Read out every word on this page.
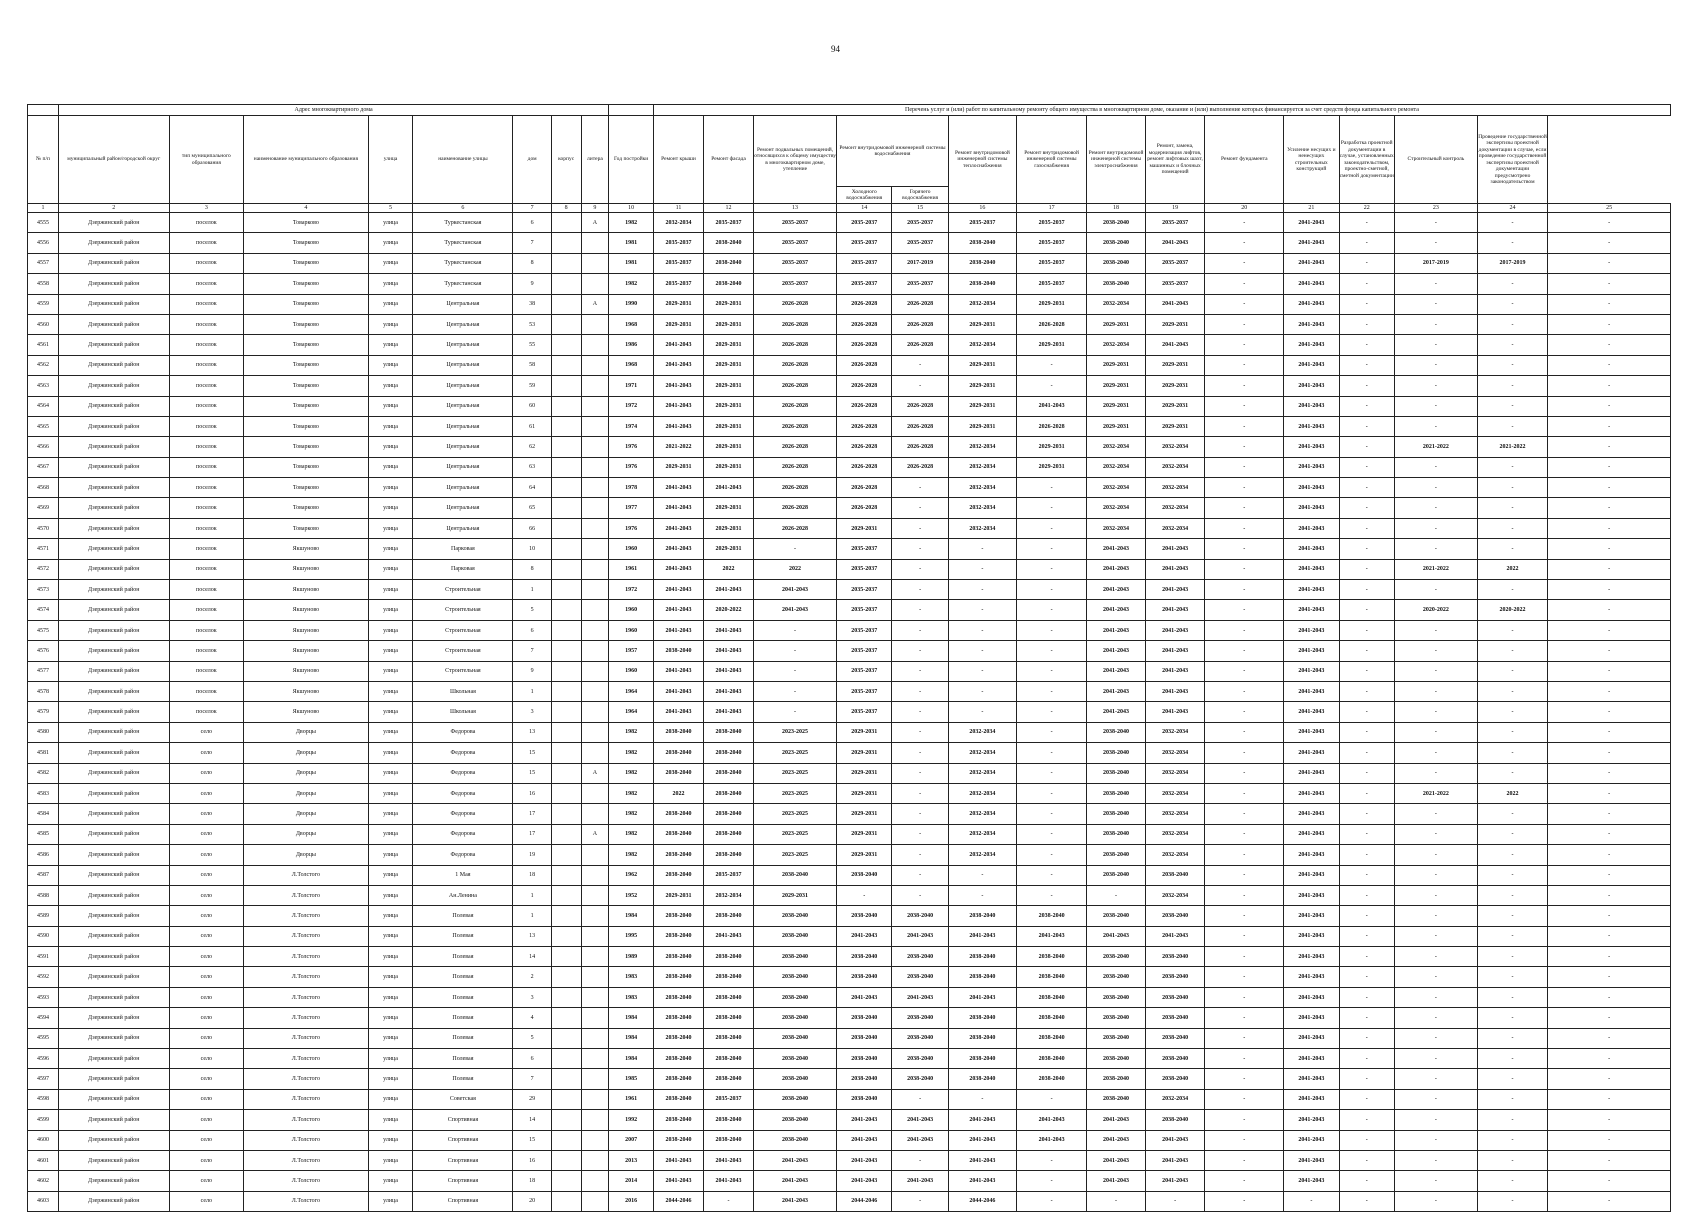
94
	Адрес многоквартирного дома									Перечень услуг и (или) работ по капитальному ремонту общего имущества в многоквартирном доме, оказание и (или) выполнение которых финансируется за счет средств фонда капитального ремонта														
№ п/п	муниципальный район/городской округ	тип муниципального образования	наименование муниципального образования	улица	наименование улицы	дом	корпус	литера	Год постройки	Ремонт крыши	Ремонт фасада	Ремонт подвальных помещений, относящихся к общему имуществу в многоквартирном доме, утепление	Ремонт внутридомовой инженерной системы водоснабжения		Ремонт внутридомовой инженерной системы теплоснабжения	Ремонт внутридомовой инженерной системы газоснабжения	Ремонт внутридомовой инженерной системы электроснабжения	Ремонт, замена, модернизация лифтов, ремонт лифтовых шахт, машинных и блочных помещений	Ремонт фундамента	Усиление несущих и ненесущих строительных конструкций	Разработка проектной документации в случае, установленных законодательством, проектно-сметной, сметной документации	Строительный контроль	Проведение государственной экспертизы проектной документации в случае, если проведение государственной экспертизы проектной документации предусмотрено законодательством	
													Холодного водоснабжения	Горячего водоснабжения										
1	2	3	4	5	6	7	8	9	10	11	12	13	14	15	16	17	18	19	20	21	22	23	24	25
4555	Дзержинский район	поселок	Товарково	улица	Туркестанская	6		А	1982	2032-2034	2035-2037	2035-2037	2035-2037	2035-2037	2035-2037	2035-2037	2038-2040	2035-2037	-	2041-2043	-	-	-	-
4556	Дзержинский район	поселок	Товарково	улица	Туркестанская	7			1981	2035-2037	2038-2040	2035-2037	2035-2037	2035-2037	2038-2040	2035-2037	2038-2040	2041-2043	-	2041-2043	-	-	-	-
4557	Дзержинский район	поселок	Товарково	улица	Туркестанская	8			1981	2035-2037	2038-2040	2035-2037	2035-2037	2017-2019	2038-2040	2035-2037	2038-2040	2035-2037	-	2041-2043	-	2017-2019	2017-2019	-
4558	Дзержинский район	поселок	Товарково	улица	Туркестанская	9			1982	2035-2037	2038-2040	2035-2037	2035-2037	2035-2037	2038-2040	2035-2037	2038-2040	2035-2037	-	2041-2043	-	-	-	-
4559	Дзержинский район	поселок	Товарково	улица	Центральная	38		А	1990	2029-2031	2029-2031	2026-2028	2026-2028	2026-2028	2032-2034	2029-2031	2032-2034	2041-2043	-	2041-2043	-	-	-	-
4560	Дзержинский район	поселок	Товарково	улица	Центральная	53			1968	2029-2031	2029-2031	2026-2028	2026-2028	2026-2028	2029-2031	2026-2028	2029-2031	2029-2031	-	2041-2043	-	-	-	-
4561	Дзержинский район	поселок	Товарково	улица	Центральная	55			1986	2041-2043	2029-2031	2026-2028	2026-2028	2026-2028	2032-2034	2029-2031	2032-2034	2041-2043	-	2041-2043	-	-	-	-
4562	Дзержинский район	поселок	Товарково	улица	Центральная	58			1968	2041-2043	2029-2031	2026-2028	2026-2028	-	2029-2031	-	2029-2031	2029-2031	-	2041-2043	-	-	-	-
4563	Дзержинский район	поселок	Товарково	улица	Центральная	59			1971	2041-2043	2029-2031	2026-2028	2026-2028	-	2029-2031	-	2029-2031	2029-2031	-	2041-2043	-	-	-	-
4564	Дзержинский район	поселок	Товарково	улица	Центральная	60			1972	2041-2043	2029-2031	2026-2028	2026-2028	2026-2028	2029-2031	2041-2043	2029-2031	2029-2031	-	2041-2043	-	-	-	-
4565	Дзержинский район	поселок	Товарково	улица	Центральная	61			1974	2041-2043	2029-2031	2026-2028	2026-2028	2026-2028	2029-2031	2026-2028	2029-2031	2029-2031	-	2041-2043	-	-	-	-
4566	Дзержинский район	поселок	Товарково	улица	Центральная	62			1976	2021-2022	2029-2031	2026-2028	2026-2028	2026-2028	2032-2034	2029-2031	2032-2034	2032-2034	-	2041-2043	-	2021-2022	2021-2022	-
4567	Дзержинский район	поселок	Товарково	улица	Центральная	63			1976	2029-2031	2029-2031	2026-2028	2026-2028	2026-2028	2032-2034	2029-2031	2032-2034	2032-2034	-	2041-2043	-	-	-	-
4568	Дзержинский район	поселок	Товарково	улица	Центральная	64			1978	2041-2043	2041-2043	2026-2028	2026-2028	-	2032-2034	-	2032-2034	2032-2034	-	2041-2043	-	-	-	-
4569	Дзержинский район	поселок	Товарково	улица	Центральная	65			1977	2041-2043	2029-2031	2026-2028	2026-2028	-	2032-2034	-	2032-2034	2032-2034	-	2041-2043	-	-	-	-
4570	Дзержинский район	поселок	Товарково	улица	Центральная	66			1976	2041-2043	2029-2031	2026-2028	2029-2031	-	2032-2034	-	2032-2034	2032-2034	-	2041-2043	-	-	-	-
4571	Дзержинский район	поселок	Якшуново	улица	Парковая	10			1960	2041-2043	2029-2031	-	2035-2037	-	-	-	2041-2043	2041-2043	-	2041-2043	-	-	-	-
4572	Дзержинский район	поселок	Якшуново	улица	Парковая	8			1961	2041-2043	2022	2022	2035-2037	-	-	-	2041-2043	2041-2043	-	2041-2043	-	2021-2022	2022	-
4573	Дзержинский район	поселок	Якшуново	улица	Строительная	1			1972	2041-2043	2041-2043	2041-2043	2035-2037	-	-	-	2041-2043	2041-2043	-	2041-2043	-	-	-	-
4574	Дзержинский район	поселок	Якшуново	улица	Строительная	5			1960	2041-2043	2020-2022	2041-2043	2035-2037	-	-	-	2041-2043	2041-2043	-	2041-2043	-	2020-2022	2020-2022	-
4575	Дзержинский район	поселок	Якшуново	улица	Строительная	6			1960	2041-2043	2041-2043	-	2035-2037	-	-	-	2041-2043	2041-2043	-	2041-2043	-	-	-	-
4576	Дзержинский район	поселок	Якшуново	улица	Строительная	7			1957	2038-2040	2041-2043	-	2035-2037	-	-	-	2041-2043	2041-2043	-	2041-2043	-	-	-	-
4577	Дзержинский район	поселок	Якшуново	улица	Строительная	9			1960	2041-2043	2041-2043	-	2035-2037	-	-	-	2041-2043	2041-2043	-	2041-2043	-	-	-	-
4578	Дзержинский район	поселок	Якшуново	улица	Школьная	1			1964	2041-2043	2041-2043	-	2035-2037	-	-	-	2041-2043	2041-2043	-	2041-2043	-	-	-	-
4579	Дзержинский район	поселок	Якшуново	улица	Школьная	3			1964	2041-2043	2041-2043	-	2035-2037	-	-	-	2041-2043	2041-2043	-	2041-2043	-	-	-	-
4580	Дзержинский район	село	Дворцы	улица	Федорова	13			1982	2038-2040	2038-2040	2023-2025	2029-2031	-	2032-2034	-	2038-2040	2032-2034	-	2041-2043	-	-	-	-
4581	Дзержинский район	село	Дворцы	улица	Федорова	15			1982	2038-2040	2038-2040	2023-2025	2029-2031	-	2032-2034	-	2038-2040	2032-2034	-	2041-2043	-	-	-	-
4582	Дзержинский район	село	Дворцы	улица	Федорова	15		А	1982	2038-2040	2038-2040	2023-2025	2029-2031	-	2032-2034	-	2038-2040	2032-2034	-	2041-2043	-	-	-	-
4583	Дзержинский район	село	Дворцы	улица	Федорова	16			1982	2022	2038-2040	2023-2025	2029-2031	-	2032-2034	-	2038-2040	2032-2034	-	2041-2043	-	2021-2022	2022	-
4584	Дзержинский район	село	Дворцы	улица	Федорова	17			1982	2038-2040	2038-2040	2023-2025	2029-2031	-	2032-2034	-	2038-2040	2032-2034	-	2041-2043	-	-	-	-
4585	Дзержинский район	село	Дворцы	улица	Федорова	17		А	1982	2038-2040	2038-2040	2023-2025	2029-2031	-	2032-2034	-	2038-2040	2032-2034	-	2041-2043	-	-	-	-
4586	Дзержинский район	село	Дворцы	улица	Федорова	19			1982	2038-2040	2038-2040	2023-2025	2029-2031	-	2032-2034	-	2038-2040	2032-2034	-	2041-2043	-	-	-	-
4587	Дзержинский район	село	Л.Толстого	улица	1 Мая	18			1962	2038-2040	2035-2037	2038-2040	2038-2040	-	-	-	2038-2040	2038-2040	-	2041-2043	-	-	-	-
4588	Дзержинский район	село	Л.Толстого	улица	Ан.Ленина	1			1952	2029-2031	2032-2034	2029-2031	-	-	-	-	-	2032-2034	-	2041-2043	-	-	-	-
4589	Дзержинский район	село	Л.Толстого	улица	Полевая	1			1984	2038-2040	2038-2040	2038-2040	2038-2040	2038-2040	2038-2040	2038-2040	2038-2040	2038-2040	-	2041-2043	-	-	-	-
4590	Дзержинский район	село	Л.Толстого	улица	Полевая	13			1995	2038-2040	2041-2043	2038-2040	2041-2043	2041-2043	2041-2043	2041-2043	2041-2043	2041-2043	-	2041-2043	-	-	-	-
4591	Дзержинский район	село	Л.Толстого	улица	Полевая	14			1989	2038-2040	2038-2040	2038-2040	2038-2040	2038-2040	2038-2040	2038-2040	2038-2040	2038-2040	-	2041-2043	-	-	-	-
4592	Дзержинский район	село	Л.Толстого	улица	Полевая	2			1983	2038-2040	2038-2040	2038-2040	2038-2040	2038-2040	2038-2040	2038-2040	2038-2040	2038-2040	-	2041-2043	-	-	-	-
4593	Дзержинский район	село	Л.Толстого	улица	Полевая	3			1983	2038-2040	2038-2040	2038-2040	2041-2043	2041-2043	2041-2043	2038-2040	2038-2040	2038-2040	-	2041-2043	-	-	-	-
4594	Дзержинский район	село	Л.Толстого	улица	Полевая	4			1984	2038-2040	2038-2040	2038-2040	2038-2040	2038-2040	2038-2040	2038-2040	2038-2040	2038-2040	-	2041-2043	-	-	-	-
4595	Дзержинский район	село	Л.Толстого	улица	Полевая	5			1984	2038-2040	2038-2040	2038-2040	2038-2040	2038-2040	2038-2040	2038-2040	2038-2040	2038-2040	-	2041-2043	-	-	-	-
4596	Дзержинский район	село	Л.Толстого	улица	Полевая	6			1984	2038-2040	2038-2040	2038-2040	2038-2040	2038-2040	2038-2040	2038-2040	2038-2040	2038-2040	-	2041-2043	-	-	-	-
4597	Дзержинский район	село	Л.Толстого	улица	Полевая	7			1985	2038-2040	2038-2040	2038-2040	2038-2040	2038-2040	2038-2040	2038-2040	2038-2040	2038-2040	-	2041-2043	-	-	-	-
4598	Дзержинский район	село	Л.Толстого	улица	Советская	29			1961	2038-2040	2035-2037	2038-2040	2038-2040	-	-	-	2038-2040	2032-2034	-	2041-2043	-	-	-	-
4599	Дзержинский район	село	Л.Толстого	улица	Спортивная	14			1992	2038-2040	2038-2040	2038-2040	2041-2043	2041-2043	2041-2043	2041-2043	2041-2043	2038-2040	-	2041-2043	-	-	-	-
4600	Дзержинский район	село	Л.Толстого	улица	Спортивная	15			2007	2038-2040	2038-2040	2038-2040	2041-2043	2041-2043	2041-2043	2041-2043	2041-2043	2041-2043	-	2041-2043	-	-	-	-
4601	Дзержинский район	село	Л.Толстого	улица	Спортивная	16			2013	2041-2043	2041-2043	2041-2043	2041-2043	-	2041-2043	-	2041-2043	2041-2043	-	2041-2043	-	-	-	-
4602	Дзержинский район	село	Л.Толстого	улица	Спортивная	18			2014	2041-2043	2041-2043	2041-2043	2041-2043	2041-2043	2041-2043	-	2041-2043	2041-2043	-	2041-2043	-	-	-	-
4603	Дзержинский район	село	Л.Толстого	улица	Спортивная	20			2016	2044-2046	-	2041-2043	2044-2046	-	2044-2046	-	-	-	-	-	-	-	-	-
